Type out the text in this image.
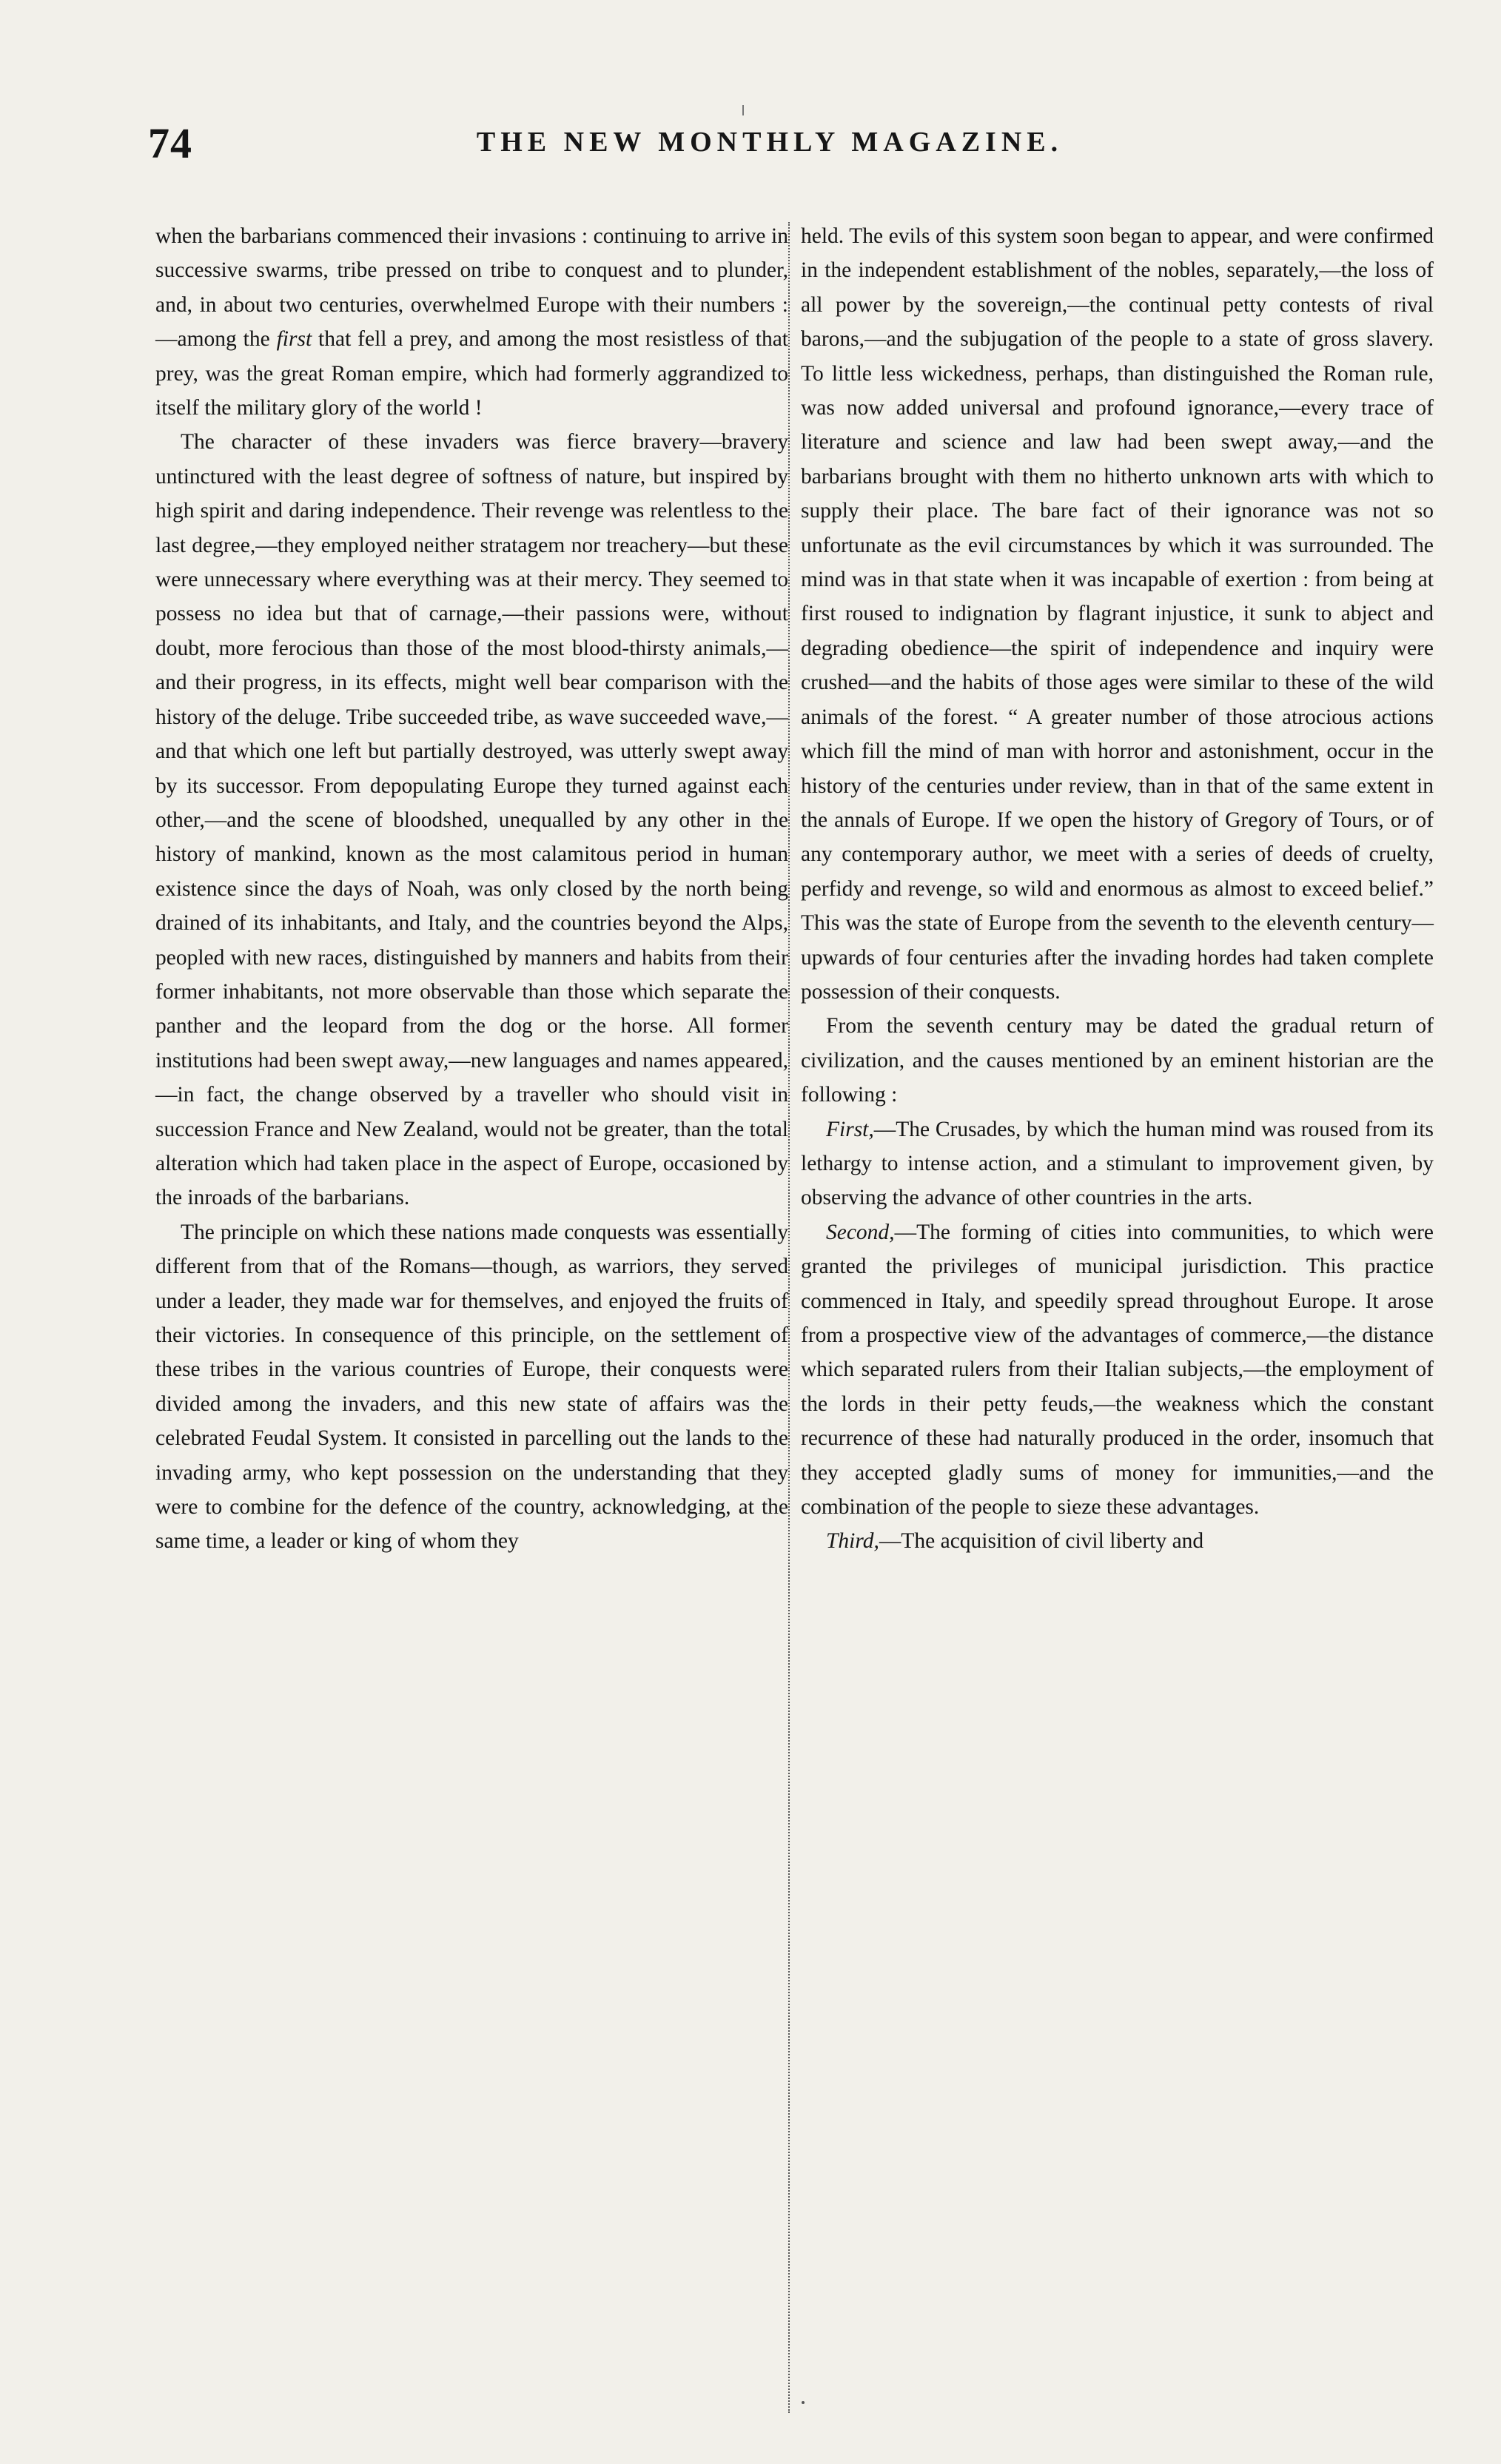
74	THE NEW MONTHLY MAGAZINE.

when the barbarians commenced their invasions : continuing to arrive in successive swarms, tribe pressed on tribe to conquest and to plunder, and, in about two centuries, overwhelmed Europe with their numbers :—among the first that fell a prey, and among the most resistless of that prey, was the great Roman empire, which had formerly aggrandized to itself the military glory of the world !

The character of these invaders was fierce bravery—bravery untinctured with the least degree of softness of nature, but inspired by high spirit and daring independence. Their revenge was relentless to the last degree,—they employed neither stratagem nor treachery—but these were unnecessary where everything was at their mercy. They seemed to possess no idea but that of carnage,—their passions were, without doubt, more ferocious than those of the most blood-thirsty animals,—and their progress, in its effects, might well bear comparison with the history of the deluge. Tribe succeeded tribe, as wave succeeded wave,—and that which one left but partially destroyed, was utterly swept away by its successor. From depopulating Europe they turned against each other,—and the scene of bloodshed, unequalled by any other in the history of mankind, known as the most calamitous period in human existence since the days of Noah, was only closed by the north being drained of its inhabitants, and Italy, and the countries beyond the Alps, peopled with new races, distinguished by manners and habits from their former inhabitants, not more observable than those which separate the panther and the leopard from the dog or the horse. All former institutions had been swept away,—new languages and names appeared,—in fact, the change observed by a traveller who should visit in succession France and New Zealand, would not be greater, than the total alteration which had taken place in the aspect of Europe, occasioned by the inroads of the barbarians.

The principle on which these nations made conquests was essentially different from that of the Romans—though, as warriors, they served under a leader, they made war for themselves, and enjoyed the fruits of their victories. In consequence of this principle, on the settlement of these tribes in the various countries of Europe, their conquests were divided among the invaders, and this new state of affairs was the celebrated Feudal System. It consisted in parcelling out the lands to the invading army, who kept possession on the understanding that they were to combine for the defence of the country, acknowledging, at the same time, a leader or king of whom they

held. The evils of this system soon began to appear, and were confirmed in the independent establishment of the nobles, separately,—the loss of all power by the sovereign,—the continual petty contests of rival barons,—and the subjugation of the people to a state of gross slavery. To little less wickedness, perhaps, than distinguished the Roman rule, was now added universal and profound ignorance,—every trace of literature and science and law had been swept away,—and the barbarians brought with them no hitherto unknown arts with which to supply their place. The bare fact of their ignorance was not so unfortunate as the evil circumstances by which it was surrounded. The mind was in that state when it was incapable of exertion : from being at first roused to indignation by flagrant injustice, it sunk to abject and degrading obedience—the spirit of independence and inquiry were crushed—and the habits of those ages were similar to these of the wild animals of the forest. “ A greater number of those atrocious actions which fill the mind of man with horror and astonishment, occur in the history of the centuries under review, than in that of the same extent in the annals of Europe. If we open the history of Gregory of Tours, or of any contemporary author, we meet with a series of deeds of cruelty, perfidy and revenge, so wild and enormous as almost to exceed belief.” This was the state of Europe from the seventh to the eleventh century—upwards of four centuries after the invading hordes had taken complete possession of their conquests.

From the seventh century may be dated the gradual return of civilization, and the causes mentioned by an eminent historian are the following :

First,—The Crusades, by which the human mind was roused from its lethargy to intense action, and a stimulant to improvement given, by observing the advance of other countries in the arts.

Second,—The forming of cities into communities, to which were granted the privileges of municipal jurisdiction. This practice commenced in Italy, and speedily spread throughout Europe. It arose from a prospective view of the advantages of commerce,—the distance which separated rulers from their Italian subjects,—the employment of the lords in their petty feuds,—the weakness which the constant recurrence of these had naturally produced in the order, insomuch that they accepted gladly sums of money for immunities,—and the combination of the people to sieze these advantages.

Third,—The acquisition of civil liberty and
